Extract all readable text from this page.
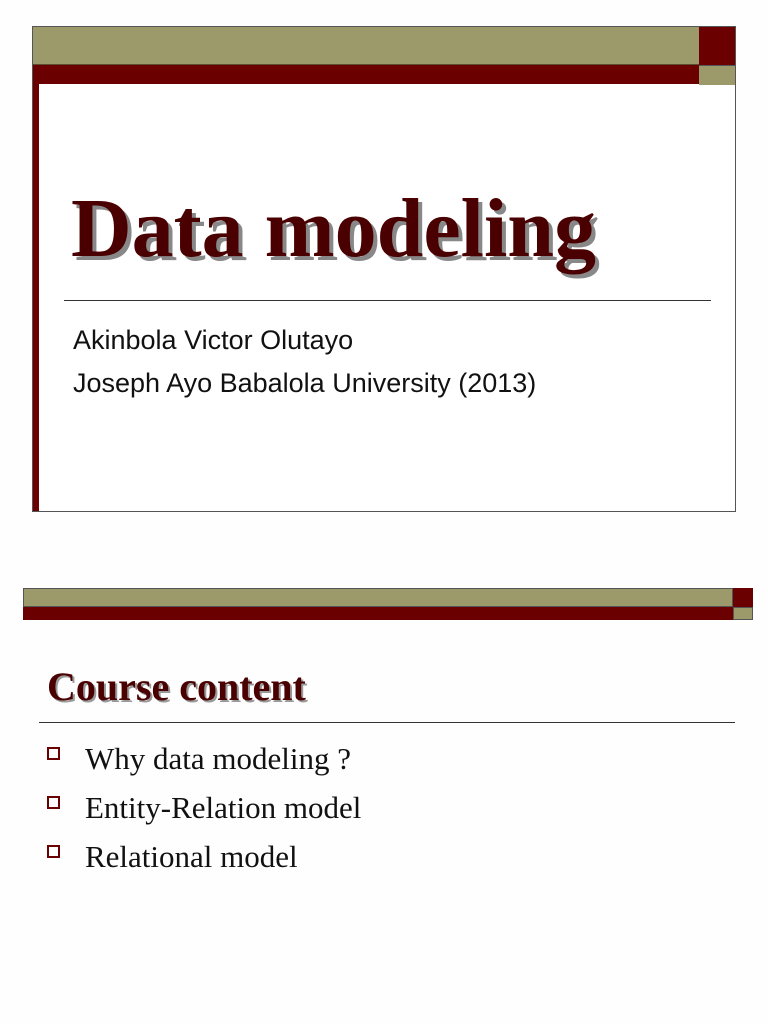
Data modeling
Akinbola Victor Olutayo
Joseph Ayo Babalola University (2013)
Course content
Why data modeling ?
Entity-Relation model
Relational model
